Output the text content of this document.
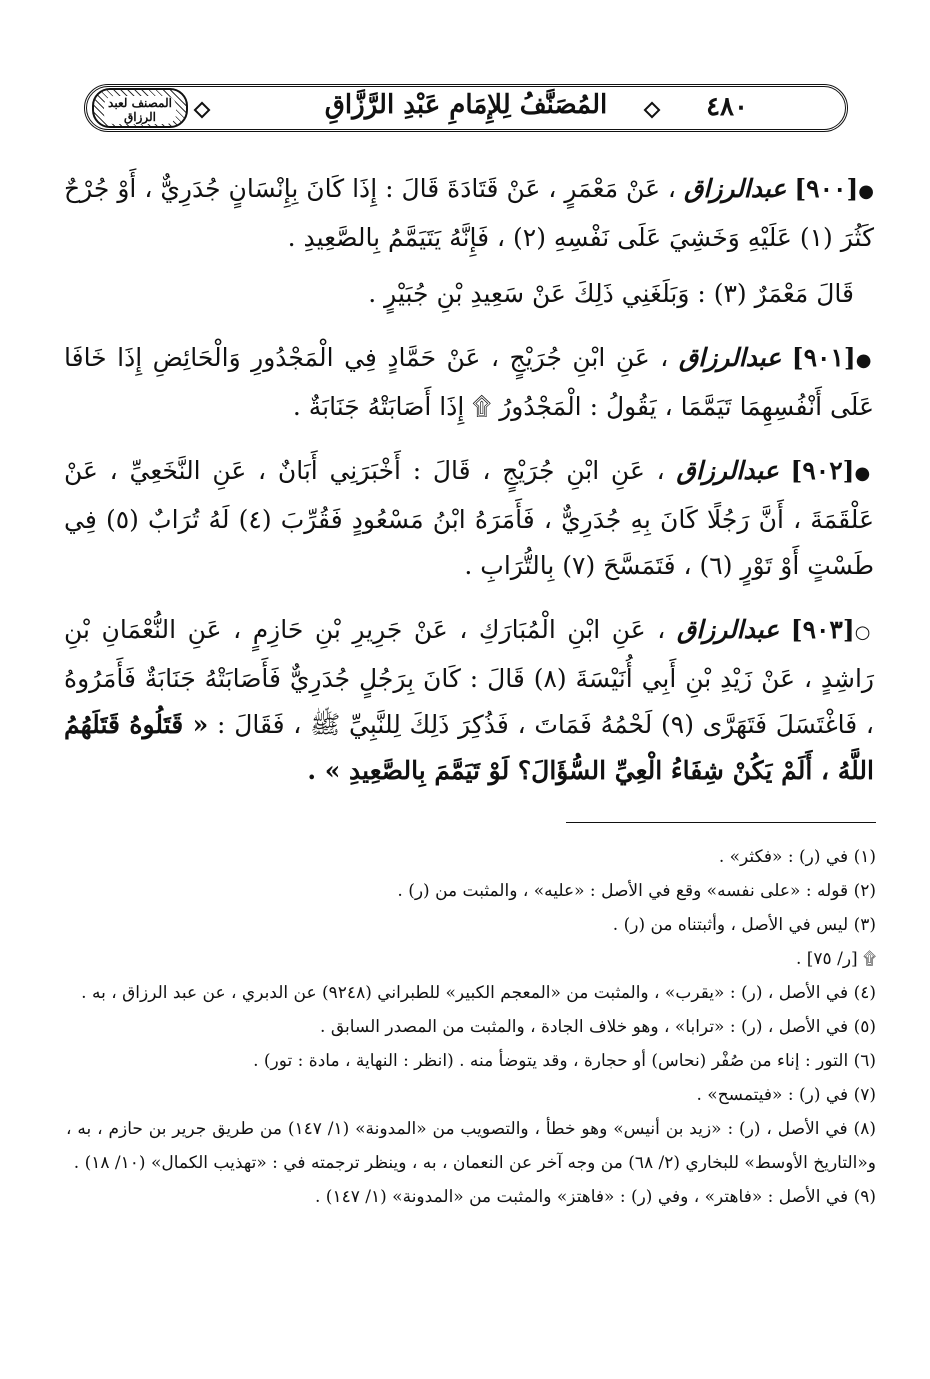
المصنف لعبد الرزاق	المُصَنَّفُ لِلإِمَامِ عَبْدِ الرَّزَّاقِ	٤٨٠

●[٩٠٠] عبدالرزاق ، عَنْ مَعْمَرٍ ، عَنْ قَتَادَةَ قَالَ : إِذَا كَانَ بِإِنْسَانٍ جُدَرِيٌّ ، أَوْ جُرْحٌ كَثُرَ (١) عَلَيْهِ وَخَشِيَ عَلَى نَفْسِهِ (٢) ، فَإِنَّهُ يَتَيَمَّمُ بِالصَّعِيدِ .

قَالَ مَعْمَرٌ (٣) : وَبَلَغَنِي ذَلِكَ عَنْ سَعِيدِ بْنِ جُبَيْرٍ .

●[٩٠١] عبدالرزاق ، عَنِ ابْنِ جُرَيْجٍ ، عَنْ حَمَّادٍ فِي الْمَجْدُورِ وَالْحَائِضِ إِذَا خَافَا عَلَى أَنْفُسِهِمَا تَيَمَّمَا ، يَقُولُ : الْمَجْدُورُ ۩ إِذَا أَصَابَتْهُ جَنَابَةٌ .

●[٩٠٢] عبدالرزاق ، عَنِ ابْنِ جُرَيْجٍ ، قَالَ : أَخْبَرَنِي أَبَانٌ ، عَنِ النَّخَعِيِّ ، عَنْ عَلْقَمَةَ ، أَنَّ رَجُلًا كَانَ بِهِ جُدَرِيٌّ ، فَأَمَرَهُ ابْنُ مَسْعُودٍ فَقُرِّبَ (٤) لَهُ تُرَابٌ (٥) فِي طَسْتٍ أَوْ تَوْرٍ (٦) ، فَتَمَسَّحَ (٧) بِالتُّرَابِ .

○[٩٠٣] عبدالرزاق ، عَنِ ابْنِ الْمُبَارَكِ ، عَنْ جَرِيرِ بْنِ حَازِمٍ ، عَنِ النُّعْمَانِ بْنِ رَاشِدٍ ، عَنْ زَيْدِ بْنِ أَبِي أُنَيْسَةَ (٨) قَالَ : كَانَ بِرَجُلٍ جُدَرِيٌّ فَأَصَابَتْهُ جَنَابَةٌ فَأَمَرُوهُ ، فَاغْتَسَلَ فَتَهَرَّى (٩) لَحْمُهُ فَمَاتَ ، فَذُكِرَ ذَلِكَ لِلنَّبِيِّ ﷺ ، فَقَالَ : « قَتَلُوهُ قَتَلَهُمُ اللَّهُ ، أَلَمْ يَكُنْ شِفَاءُ الْعِيِّ السُّؤَالَ؟ لَوْ تَيَمَّمَ بِالصَّعِيدِ » .

(١) في (ر) : «فكثر» .

(٢) قوله : «على نفسه» وقع في الأصل : «عليه» ، والمثبت من (ر) .

(٣) ليس في الأصل ، وأثبتناه من (ر) .

۩ [ر/ ٧٥] .

(٤) في الأصل ، (ر) : «يقرب» ، والمثبت من «المعجم الكبير» للطبراني (٩٢٤٨) عن الدبري ، عن عبد الرزاق ، به .

(٥) في الأصل ، (ر) : «ترابا» ، وهو خلاف الجادة ، والمثبت من المصدر السابق .

(٦) التور : إناء من صُفْر (نحاس) أو حجارة ، وقد يتوضأ منه . (انظر : النهاية ، مادة : تور) .

(٧) في (ر) : «فيتمسح» .

(٨) في الأصل ، (ر) : «زيد بن أنيس» وهو خطأ ، والتصويب من «المدونة» (١/ ١٤٧) من طريق جرير بن حازم ، به ، و«التاريخ الأوسط» للبخاري (٢/ ٦٨) من وجه آخر عن النعمان ، به ، وينظر ترجمته في : «تهذيب الكمال» (١٠/ ١٨) .

(٩) في الأصل : «فاهتر» ، وفي (ر) : «فاهتز» والمثبت من «المدونة» (١/ ١٤٧) .
